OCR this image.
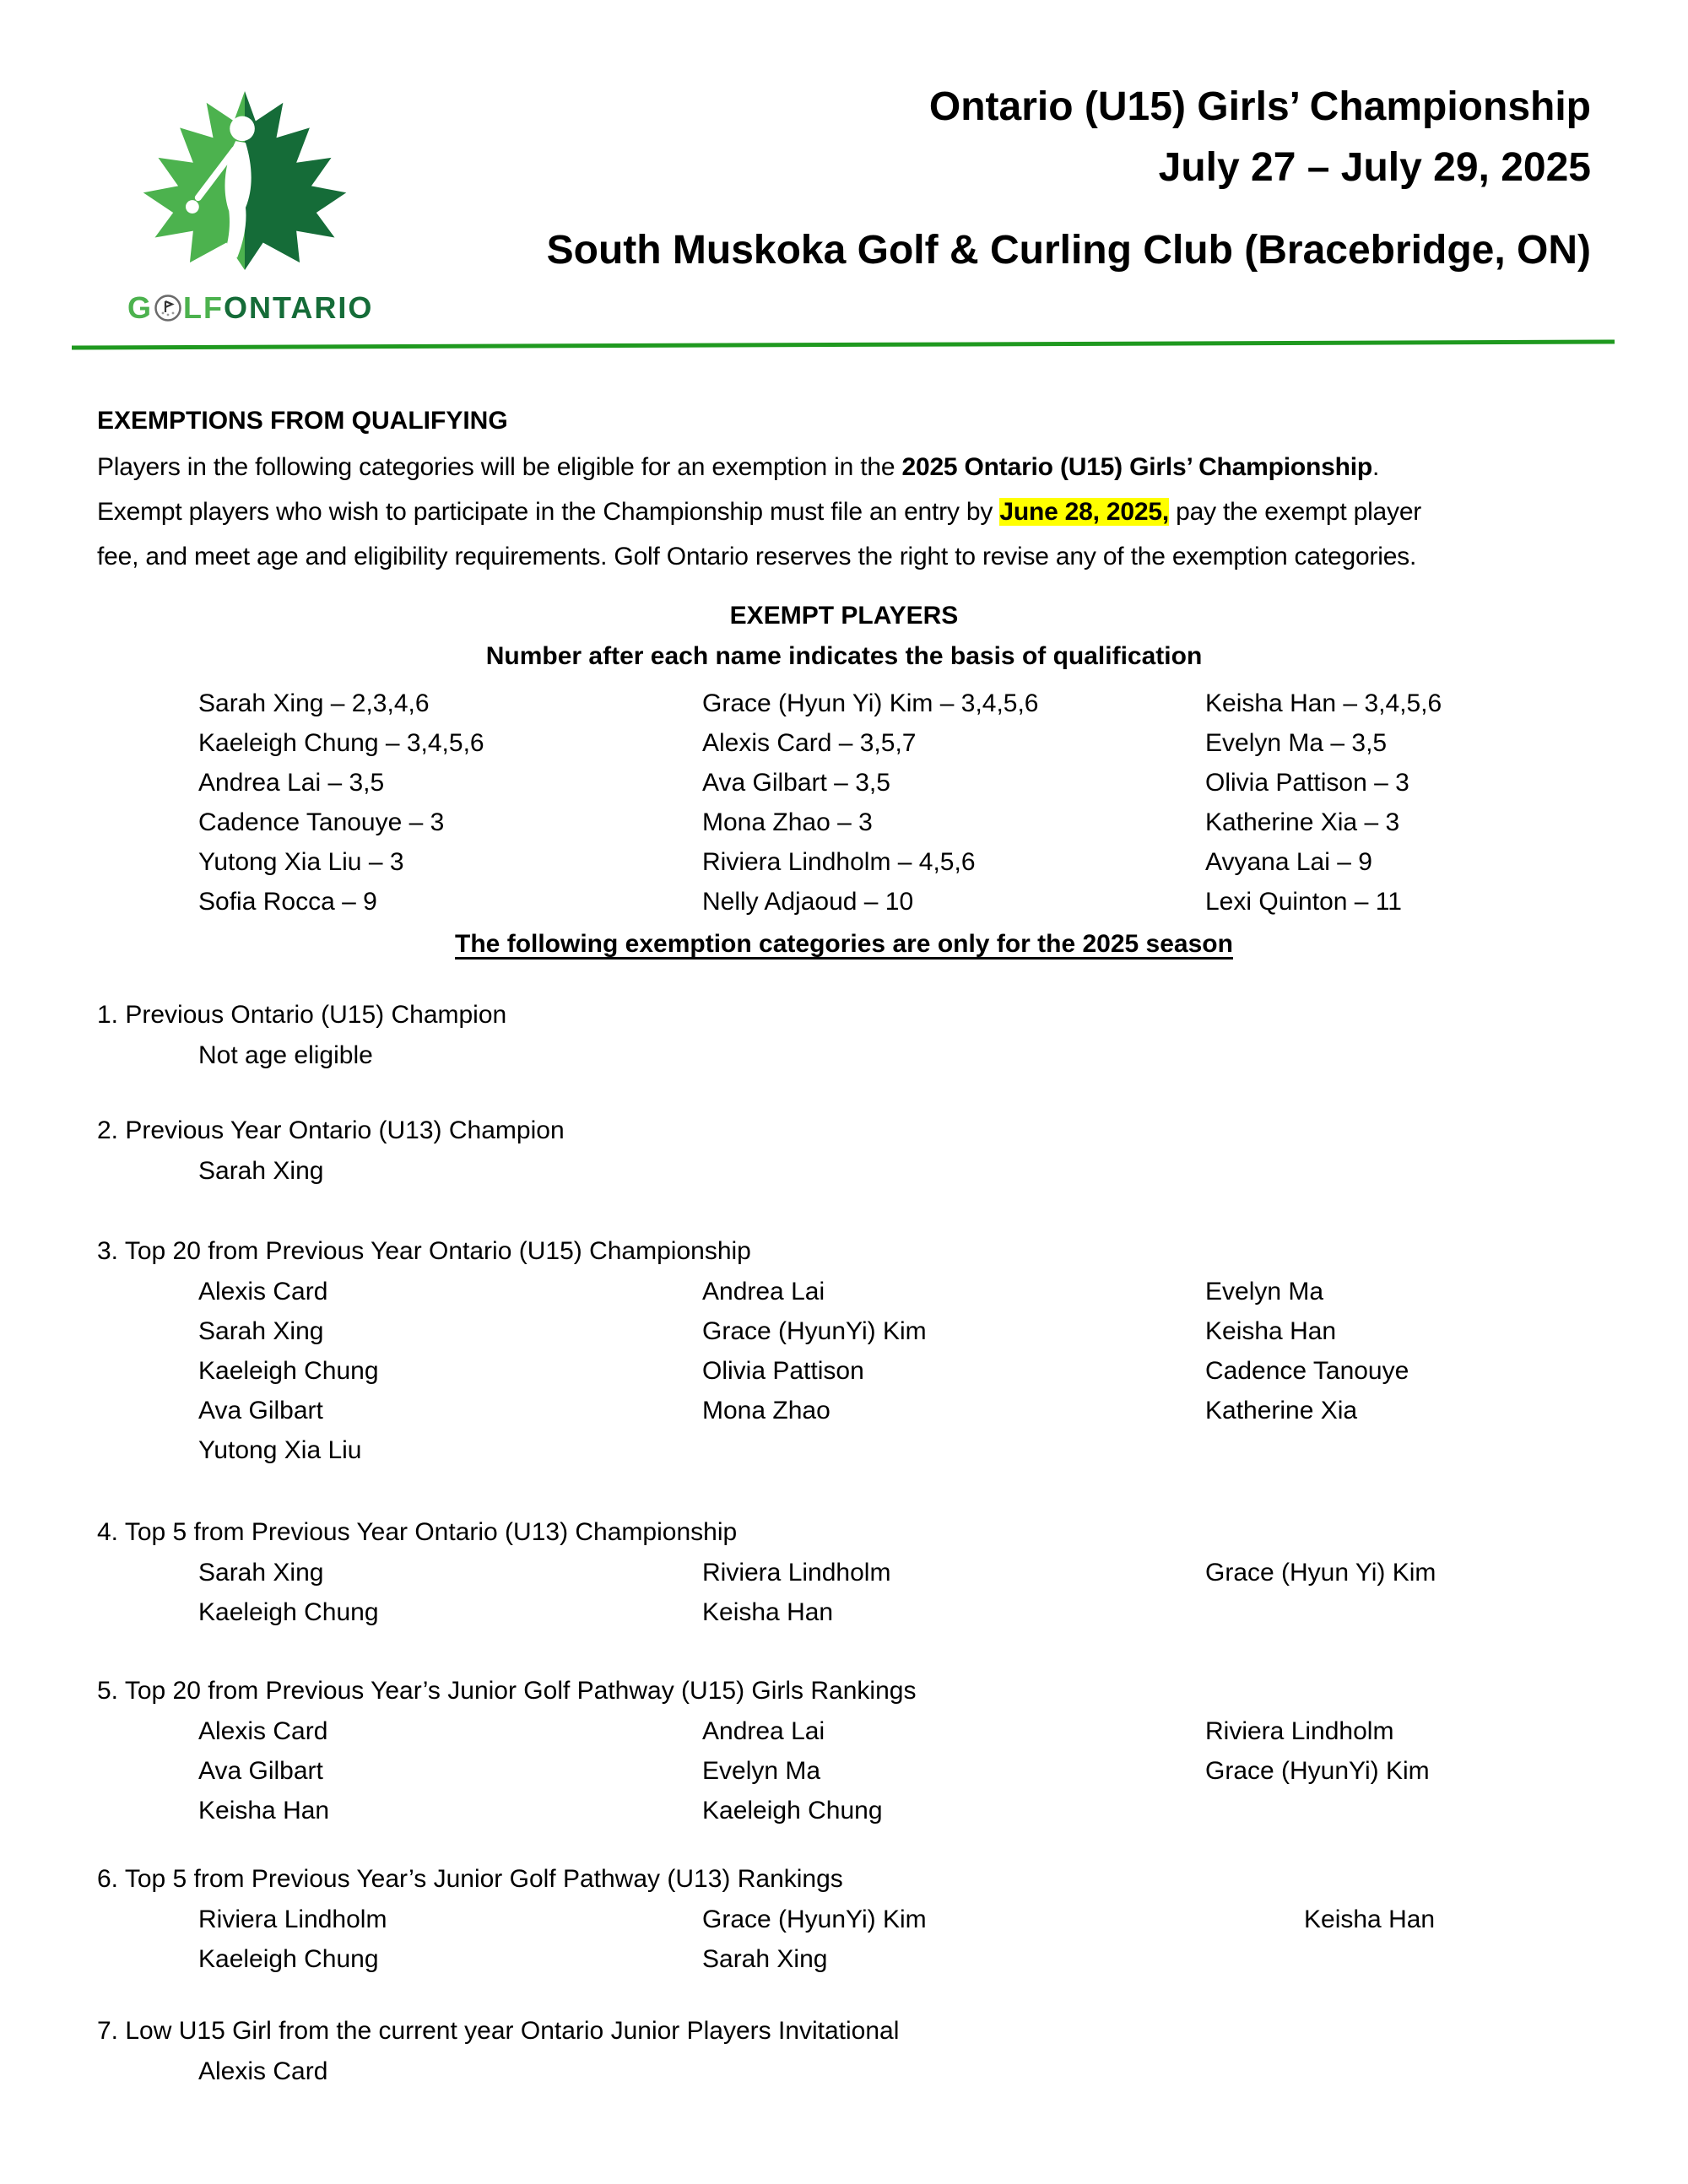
G LF ONTARIO
Ontario (U15) Girls’ Championship
July 27 – July 29, 2025
South Muskoka Golf & Curling Club (Bracebridge, ON)
EXEMPTIONS FROM QUALIFYING
Players in the following categories will be eligible for an exemption in the 2025 Ontario (U15) Girls’ Championship.
Exempt players who wish to participate in the Championship must file an entry by June 28, 2025, pay the exempt player
fee, and meet age and eligibility requirements. Golf Ontario reserves the right to revise any of the exemption categories.
EXEMPT PLAYERS
Number after each name indicates the basis of qualification
Sarah Xing – 2,3,4,6	Grace (Hyun Yi) Kim – 3,4,5,6	Keisha Han – 3,4,5,6
Kaeleigh Chung – 3,4,5,6	Alexis Card – 3,5,7	Evelyn Ma – 3,5
Andrea Lai – 3,5	Ava Gilbart – 3,5	Olivia Pattison – 3
Cadence Tanouye – 3	Mona Zhao – 3	Katherine Xia – 3
Yutong Xia Liu – 3	Riviera Lindholm – 4,5,6	Avyana Lai – 9
Sofia Rocca – 9	Nelly Adjaoud – 10	Lexi Quinton – 11
The following exemption categories are only for the 2025 season
1. Previous Ontario (U15) Champion
Not age eligible
2. Previous Year Ontario (U13) Champion
Sarah Xing
3. Top 20 from Previous Year Ontario (U15) Championship
Alexis Card	Andrea Lai	Evelyn Ma
Sarah Xing	Grace (HyunYi) Kim	Keisha Han
Kaeleigh Chung	Olivia Pattison	Cadence Tanouye
Ava Gilbart	Mona Zhao	Katherine Xia
Yutong Xia Liu
4. Top 5 from Previous Year Ontario (U13) Championship
Sarah Xing	Riviera Lindholm	Grace (Hyun Yi) Kim
Kaeleigh Chung	Keisha Han
5. Top 20 from Previous Year’s Junior Golf Pathway (U15) Girls Rankings
Alexis Card	Andrea Lai	Riviera Lindholm
Ava Gilbart	Evelyn Ma	Grace (HyunYi) Kim
Keisha Han	Kaeleigh Chung
6. Top 5 from Previous Year’s Junior Golf Pathway (U13) Rankings
Riviera Lindholm	Grace (HyunYi) Kim	Keisha Han
Kaeleigh Chung	Sarah Xing
7. Low U15 Girl from the current year Ontario Junior Players Invitational
Alexis Card
